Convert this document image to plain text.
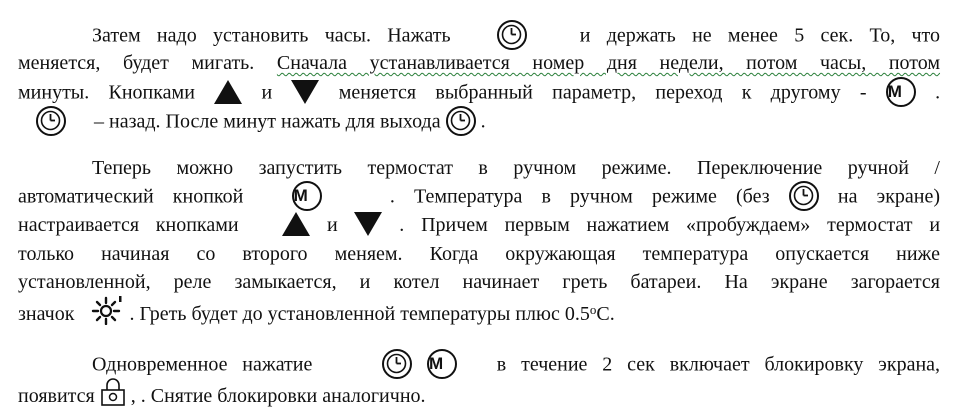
Затем надо установить часы. Нажать	и держать не менее 5 сек. То, что
меняется, будет мигать. Сначала устанавливается номер дня недели, потом часы, потом
минуты. Кнопками	и	меняется выбранный параметр, переход к другому - M	.
– назад. После минут нажать для выхода .
Теперь можно запустить термостат в ручном режиме. Переключение ручной /
автоматический кнопкой	M	. Температура в ручном режиме (без	на экране)
настраивается кнопками	и	. Причем первым нажатием «пробуждаем» термостат и
только начиная со второго меняем. Когда окружающая температура опускается ниже
установленной, реле замыкается, и котел начинает греть батареи. На экране загорается
значок	. Греть будет до установленной температуры плюс 0.5$^o$С.
Одновременное нажатие
	M	в течение 2 сек включает блокировку экрана,
появится , . Снятие блокировки аналогично.
